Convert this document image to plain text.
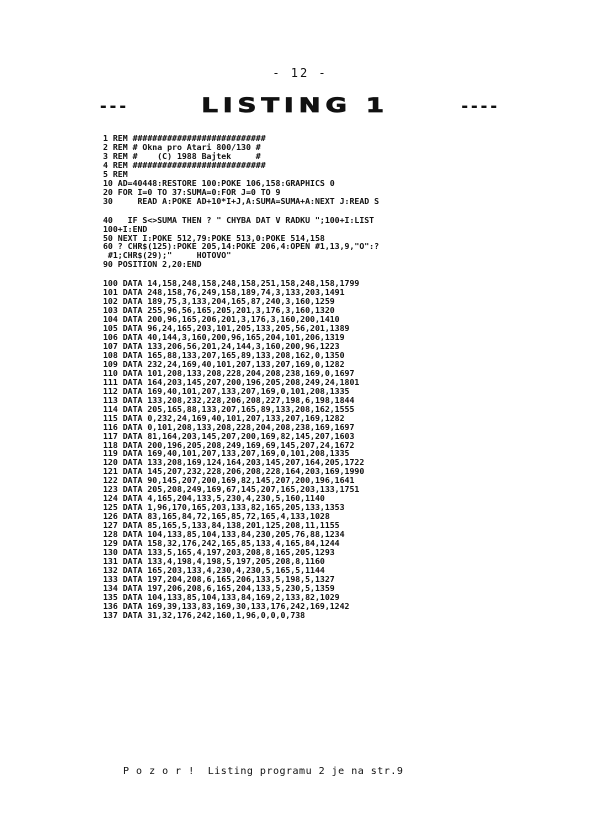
- 12 -
---	LISTING 1	----
1 REM ###########################
2 REM # Okna pro Atari 800/130 #
3 REM #    (C) 1988 Bajtek     #
4 REM ###########################
5 REM
10 AD=40448:RESTORE 100:POKE 106,158:GRAPHICS 0
20 FOR I=0 TO 37:SUMA=0:FOR J=0 TO 9
30     READ A:POKE AD+10*I+J,A:SUMA=SUMA+A:NEXT J:READ S
40   IF S<>SUMA THEN ? " CHYBA DAT V RADKU ";100+I:LIST
100+I:END
50 NEXT I:POKE 512,79:POKE 513,0:POKE 514,158
60 ? CHR$(125):POKE 205,14:POKE 206,4:OPEN #1,13,9,"O":?
#1;CHR$(29);"     HOTOVO"
90 POSITION 2,20:END
100 DATA 14,158,248,158,248,158,251,158,248,158,1799
101 DATA 248,158,76,249,158,189,74,3,133,203,1491
102 DATA 189,75,3,133,204,165,87,240,3,160,1259
103 DATA 255,96,56,165,205,201,3,176,3,160,1320
104 DATA 200,96,165,206,201,3,176,3,160,200,1410
105 DATA 96,24,165,203,101,205,133,205,56,201,1389
106 DATA 40,144,3,160,200,96,165,204,101,206,1319
107 DATA 133,206,56,201,24,144,3,160,200,96,1223
108 DATA 165,88,133,207,165,89,133,208,162,0,1350
109 DATA 232,24,169,40,101,207,133,207,169,0,1282
110 DATA 101,208,133,208,228,204,208,238,169,0,1697
111 DATA 164,203,145,207,200,196,205,208,249,24,1801
112 DATA 169,40,101,207,133,207,169,0,101,208,1335
113 DATA 133,208,232,228,206,208,227,198,6,198,1844
114 DATA 205,165,88,133,207,165,89,133,208,162,1555
115 DATA 0,232,24,169,40,101,207,133,207,169,1282
116 DATA 0,101,208,133,208,228,204,208,238,169,1697
117 DATA 81,164,203,145,207,200,169,82,145,207,1603
118 DATA 200,196,205,208,249,169,69,145,207,24,1672
119 DATA 169,40,101,207,133,207,169,0,101,208,1335
120 DATA 133,208,169,124,164,203,145,207,164,205,1722
121 DATA 145,207,232,228,206,208,228,164,203,169,1990
122 DATA 90,145,207,200,169,82,145,207,200,196,1641
123 DATA 205,208,249,169,67,145,207,165,203,133,1751
124 DATA 4,165,204,133,5,230,4,230,5,160,1140
125 DATA 1,96,170,165,203,133,82,165,205,133,1353
126 DATA 83,165,84,72,165,85,72,165,4,133,1028
127 DATA 85,165,5,133,84,138,201,125,208,11,1155
128 DATA 104,133,85,104,133,84,230,205,76,88,1234
129 DATA 158,32,176,242,165,85,133,4,165,84,1244
130 DATA 133,5,165,4,197,203,208,8,165,205,1293
131 DATA 133,4,198,4,198,5,197,205,208,8,1160
132 DATA 165,203,133,4,230,4,230,5,165,5,1144
133 DATA 197,204,208,6,165,206,133,5,198,5,1327
134 DATA 197,206,208,6,165,204,133,5,230,5,1359
135 DATA 104,133,85,104,133,84,169,2,133,82,1029
136 DATA 169,39,133,83,169,30,133,176,242,169,1242
137 DATA 31,32,176,242,160,1,96,0,0,0,738
P o z o r !  Listing programu 2 je na str.9
